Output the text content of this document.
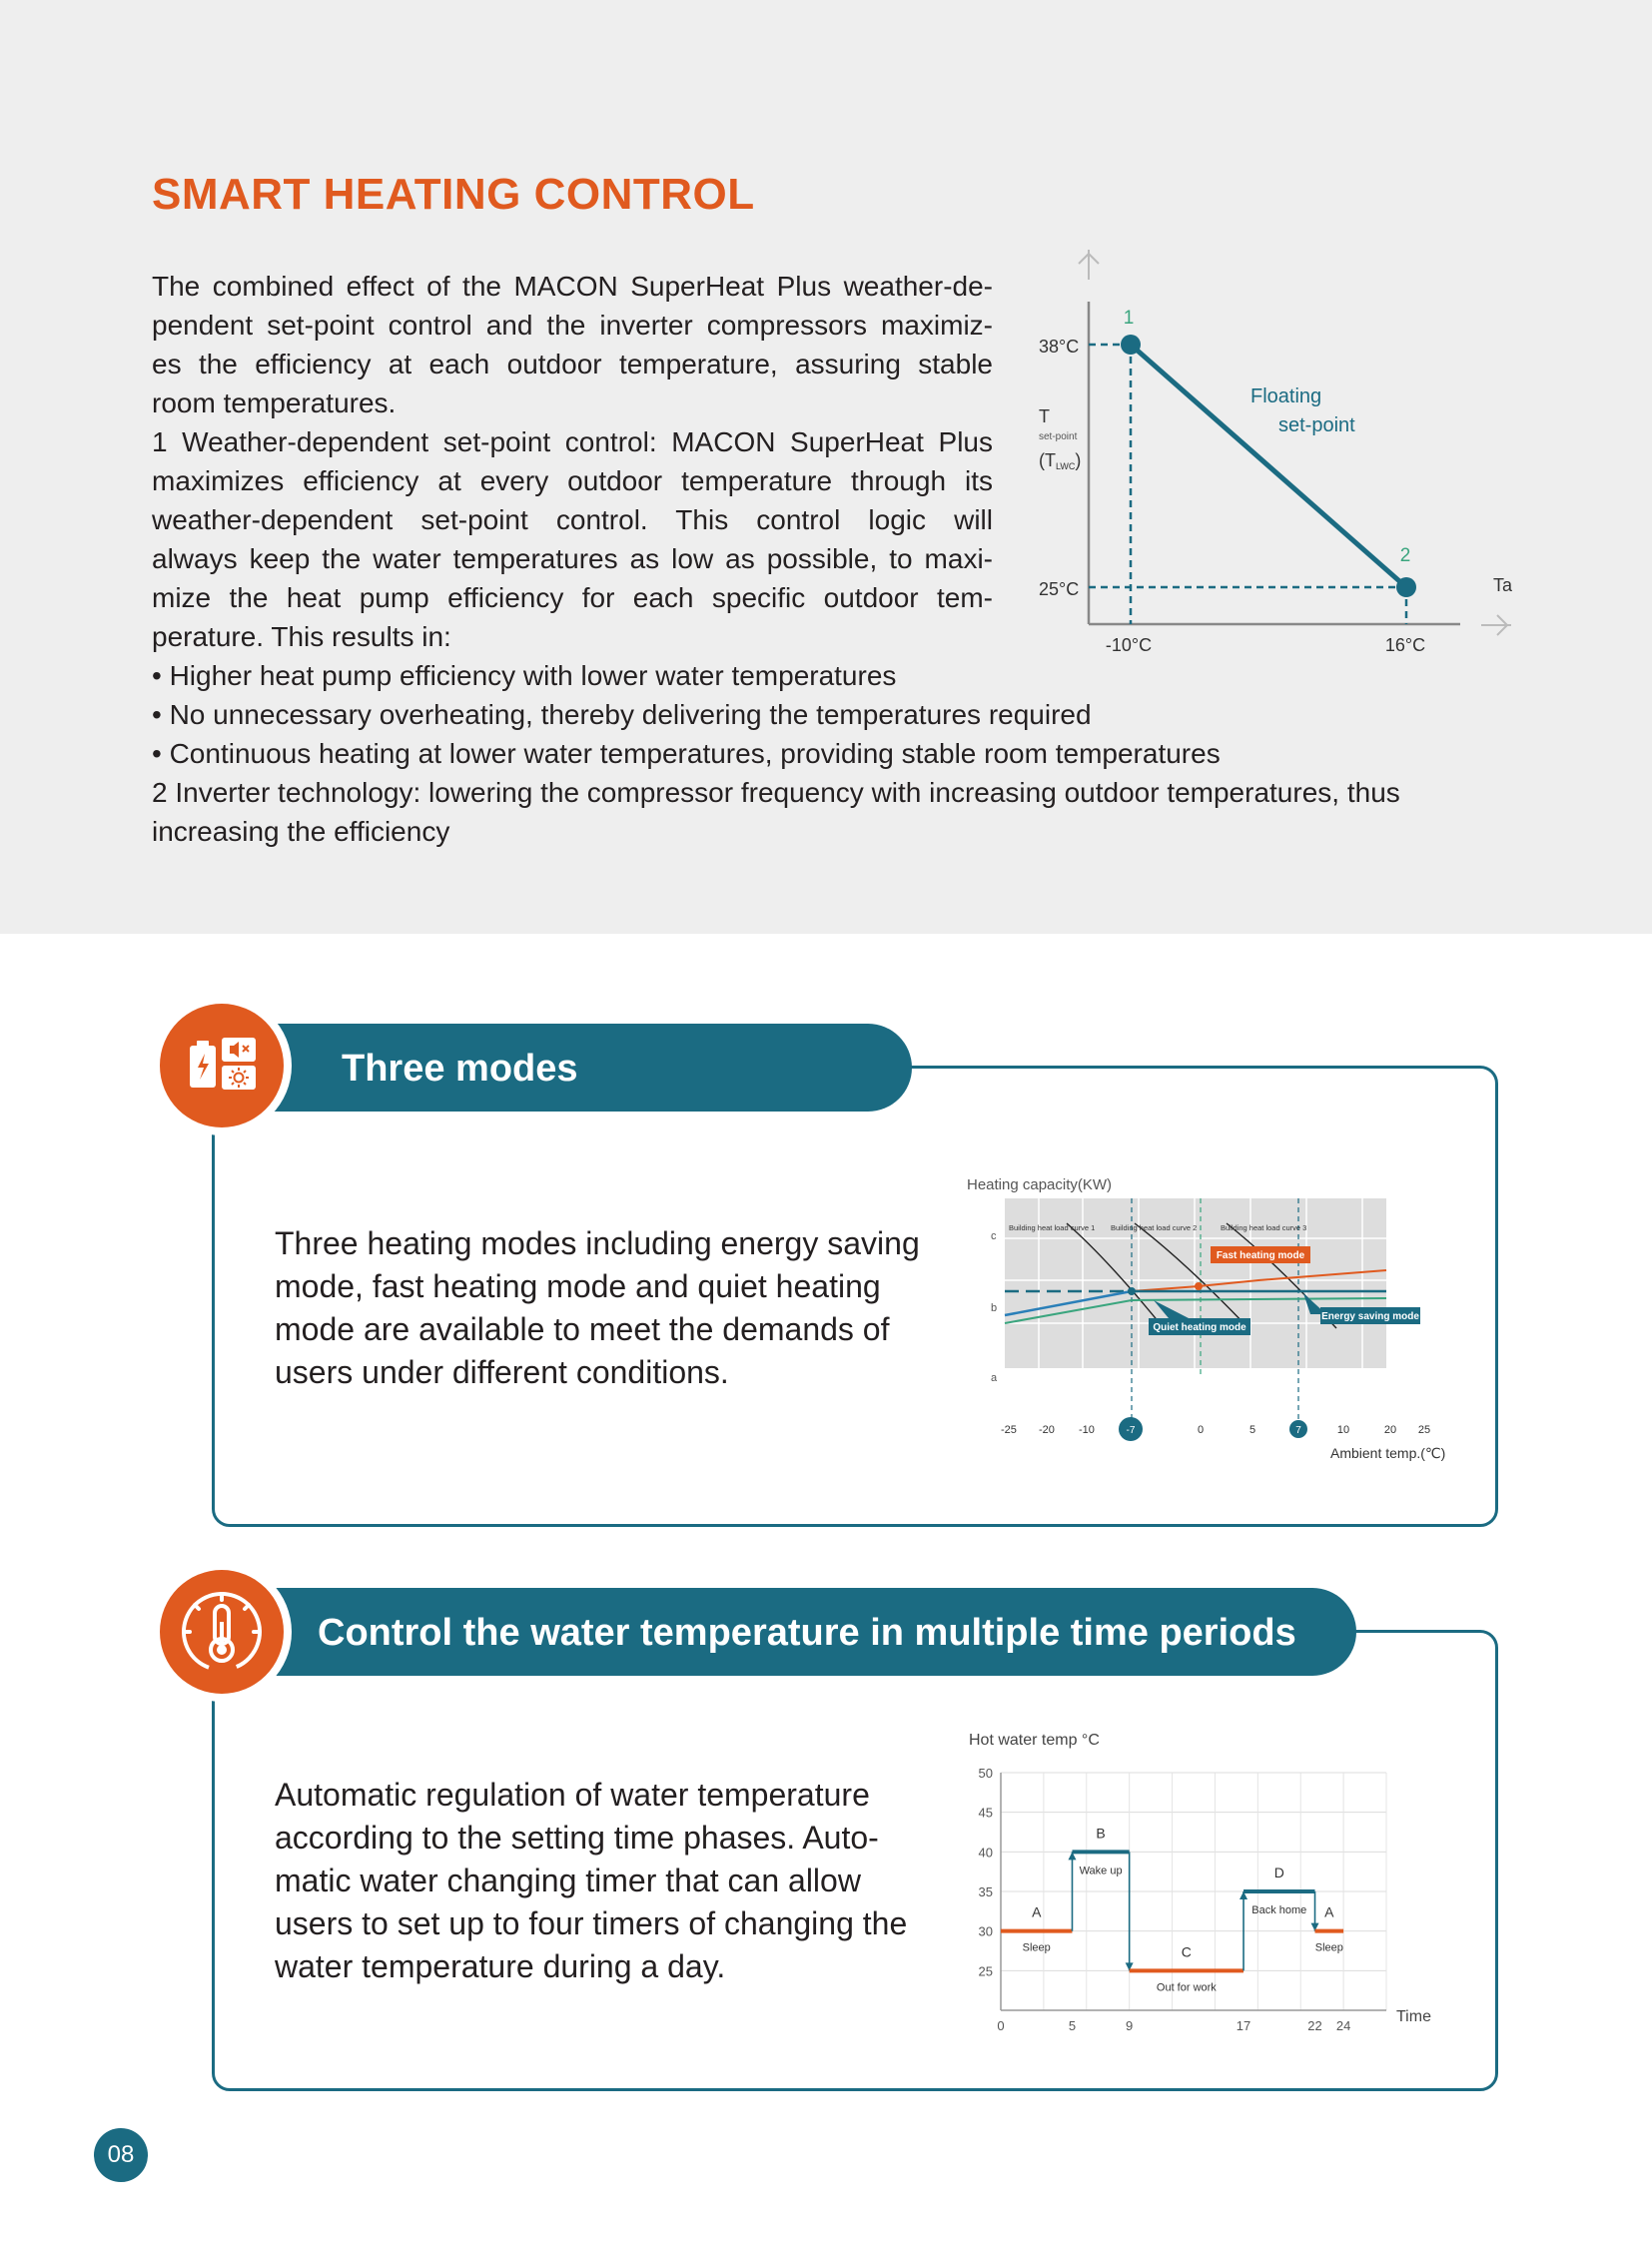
SMART HEATING CONTROL

The combined effect of the MACON SuperHeat Plus weather-de-

pendent set-point control and the inverter compressors maximiz-

es the efficiency at each outdoor temperature, assuring stable

room temperatures.

1 Weather-dependent set-point control: MACON SuperHeat Plus

maximizes efficiency at every outdoor temperature through its

weather-dependent set-point control. This control logic will

always keep the water temperatures as low as possible, to maxi-

mize the heat pump efficiency for each specific outdoor tem-

perature. This results in:

• Higher heat pump efficiency with lower water temperatures

• No unnecessary overheating, thereby delivering the temperatures required

• Continuous heating at lower water temperatures, providing stable room temperatures

2 Inverter technology: lowering the compressor frequency with increasing outdoor temperatures, thus

increasing the efficiency

1
2
38°C
25°C
T
set-point
(TLWC)
-10°C	16°C
Ta
Floating
set-point
Three modes

Three heating modes including energy saving

mode, fast heating mode and quiet heating

mode are available to meet the demands of

users under different conditions.

Heating capacity(KW)
Fast heating mode
Quiet heating mode
Energy saving mode
Building heat load curve 1 Building heat load curve 2	Building heat load curve 3
c
b
a
-25 -20 -10	-7	0	5	7	10	20 25
Ambient temp.(℃)
Control the water temperature in multiple time periods

Automatic regulation of water temperature

according to the setting time phases. Auto-

matic water changing timer that can allow

users to set up to four timers of changing the

water temperature during a day.

Hot water temp °C
Time
50
45
40
35
30
25
0	5	9	17	22 24
A
Sleep
B
Wake up
C
Out for work
D
Back home A
Sleep
08
